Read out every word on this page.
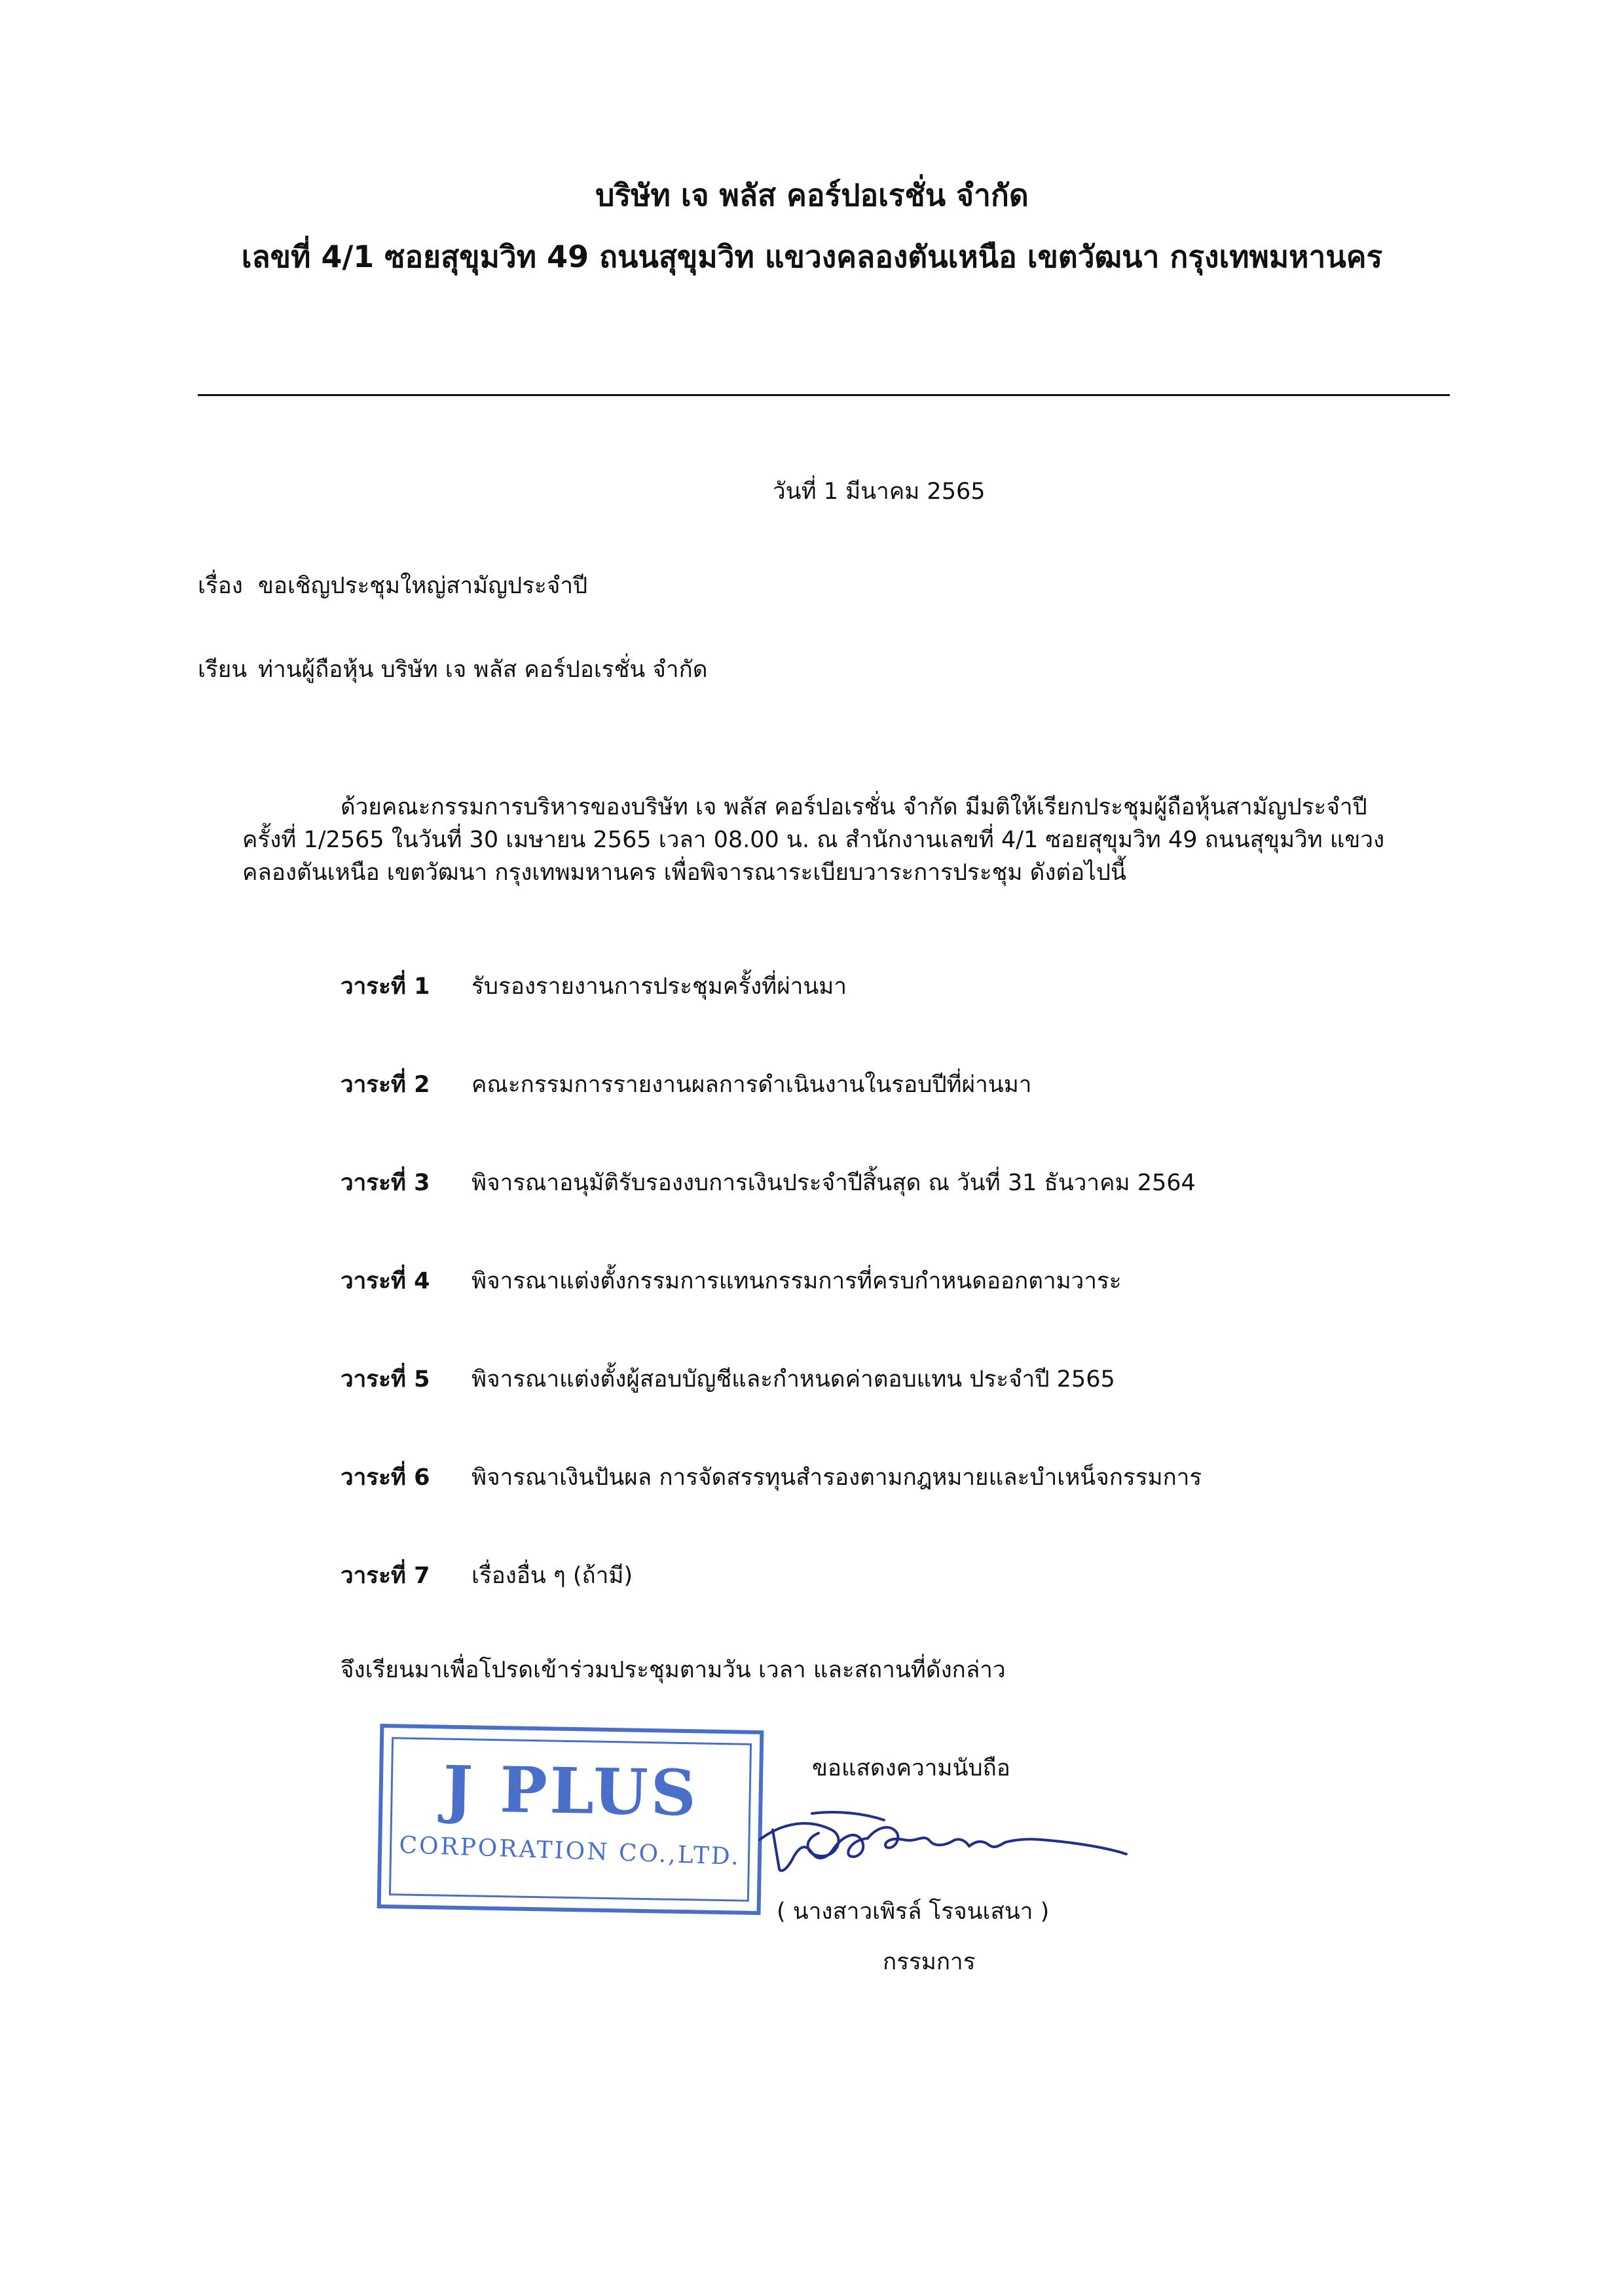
บริษัท เจ พลัส คอร์ปอเรชั่น จำกัด
เลขที่ 4/1 ซอยสุขุมวิท 49 ถนนสุขุมวิท แขวงคลองตันเหนือ เขตวัฒนา กรุงเทพมหานคร
วันที่ 1 มีนาคม 2565
เรื่อง ขอเชิญประชุมใหญ่สามัญประจำปี
เรียน ท่านผู้ถือหุ้น บริษัท เจ พลัส คอร์ปอเรชั่น จำกัด
ด้วยคณะกรรมการบริหารของบริษัท เจ พลัส คอร์ปอเรชั่น จำกัด มีมติให้เรียกประชุมผู้ถือหุ้นสามัญประจำปี
ครั้งที่ 1/2565 ในวันที่ 30 เมษายน 2565 เวลา 08.00 น. ณ สำนักงานเลขที่ 4/1 ซอยสุขุมวิท 49 ถนนสุขุมวิท แขวง
คลองตันเหนือ เขตวัฒนา กรุงเทพมหานคร เพื่อพิจารณาระเบียบวาระการประชุม ดังต่อไปนี้
วาระที่ 1 รับรองรายงานการประชุมครั้งที่ผ่านมา
วาระที่ 2 คณะกรรมการรายงานผลการดำเนินงานในรอบปีที่ผ่านมา
วาระที่ 3 พิจารณาอนุมัติรับรองงบการเงินประจำปีสิ้นสุด ณ วันที่ 31 ธันวาคม 2564
วาระที่ 4 พิจารณาแต่งตั้งกรรมการแทนกรรมการที่ครบกำหนดออกตามวาระ
วาระที่ 5 พิจารณาแต่งตั้งผู้สอบบัญชีและกำหนดค่าตอบแทน ประจำปี 2565
วาระที่ 6 พิจารณาเงินปันผล การจัดสรรทุนสำรองตามกฎหมายและบำเหน็จกรรมการ
วาระที่ 7 เรื่องอื่น ๆ (ถ้ามี)
จึงเรียนมาเพื่อโปรดเข้าร่วมประชุมตามวัน เวลา และสถานที่ดังกล่าว
ขอแสดงความนับถือ
J PLUS
CORPORATION CO.,LTD.
( นางสาวเพิรล์ โรจนเสนา )
กรรมการ
